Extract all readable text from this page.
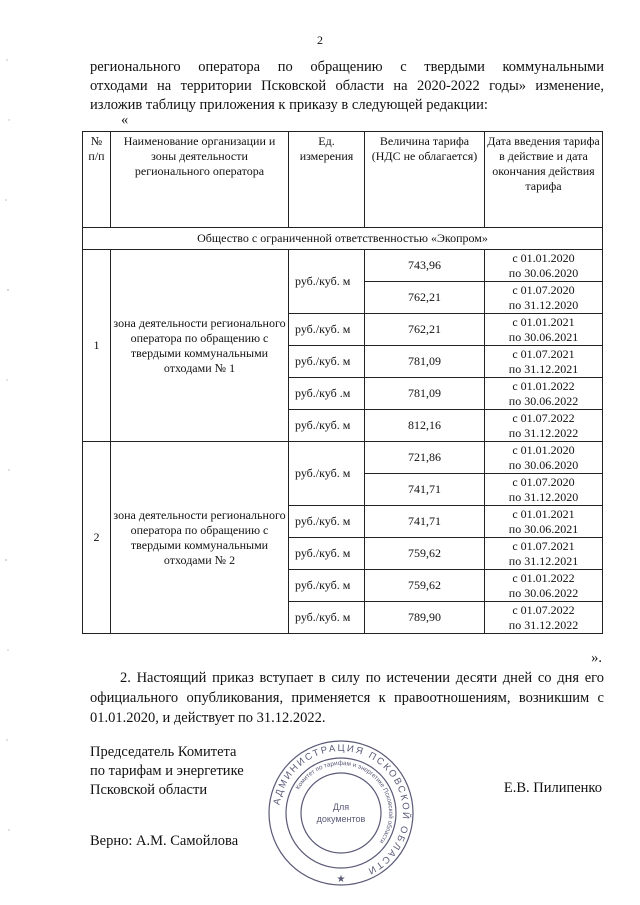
2

регионального оператора по обращению с твердыми коммунальными

отходами на территории Псковской области на 2020-2022 годы» изменение,

изложив таблицу приложения к приказу в следующей редакции:

«
№ п/п	Наименование организации и зоны деятельности регионального оператора	Ед. измерения	Величина тарифа (НДС не облагается)	Дата введения тарифа в действие и дата окончания действия тарифа
Общество с ограниченной ответственностью «Экопром»				
1	зона деятельности регионального оператора по обращению с твердыми коммунальными отходами № 1	руб./куб. м	743,96	с 01.01.2020
по 30.06.2020

			762,21	с 01.07.2020
по 31.12.2020

		руб./куб. м	762,21	с 01.01.2021
по 30.06.2021

		руб./куб. м	781,09	с 01.07.2021
по 31.12.2021

		руб./куб .м	781,09	с 01.01.2022
по 30.06.2022

		руб./куб. м	812,16	с 01.07.2022
по 31.12.2022

2	зона деятельности регионального оператора по обращению с твердыми коммунальными отходами № 2	руб./куб. м	721,86	с 01.01.2020
по 30.06.2020

			741,71	с 01.07.2020
по 31.12.2020

		руб./куб. м	741,71	с 01.01.2021
по 30.06.2021

		руб./куб. м	759,62	с 01.07.2021
по 31.12.2021

		руб./куб. м	759,62	с 01.01.2022
по 30.06.2022

		руб./куб. м	789,90	с 01.07.2022
по 31.12.2022
».

2. Настоящий приказ вступает в силу по истечении десяти дней со дня его официального опубликования, применяется к правоотношениям, возникшим с 01.01.2020, и действует по 31.12.2022.

Председатель Комитета
по тарифам и энергетике
Псковской области	Е.В. Пилипенко
Верно: А.М. Самойлова
АДМИНИСТРАЦИЯ ПСКОВСКОЙ ОБЛАСТИ
Комитет по тарифам и энергетике Псковской области
Для
документов
★
